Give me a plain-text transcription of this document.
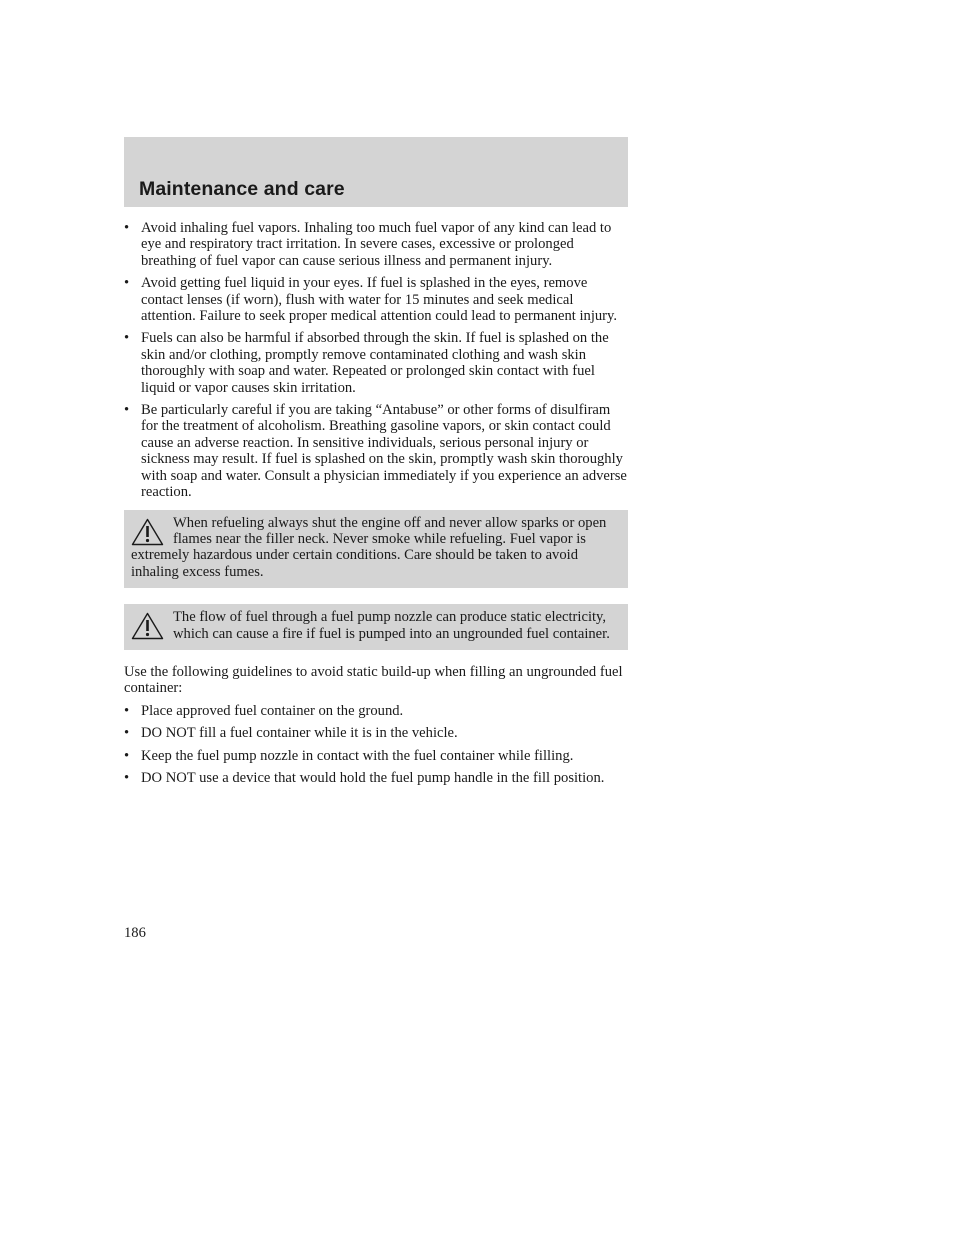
Maintenance and care
• Avoid inhaling fuel vapors. Inhaling too much fuel vapor of any kind can lead to eye and respiratory tract irritation. In severe cases, excessive or prolonged breathing of fuel vapor can cause serious illness and permanent injury.
• Avoid getting fuel liquid in your eyes. If fuel is splashed in the eyes, remove contact lenses (if worn), flush with water for 15 minutes and seek medical attention. Failure to seek proper medical attention could lead to permanent injury.
• Fuels can also be harmful if absorbed through the skin. If fuel is splashed on the skin and/or clothing, promptly remove contaminated clothing and wash skin thoroughly with soap and water. Repeated or prolonged skin contact with fuel liquid or vapor causes skin irritation.
• Be particularly careful if you are taking “Antabuse” or other forms of disulfiram for the treatment of alcoholism. Breathing gasoline vapors, or skin contact could cause an adverse reaction. In sensitive individuals, serious personal injury or sickness may result. If fuel is splashed on the skin, promptly wash skin thoroughly with soap and water. Consult a physician immediately if you experience an adverse reaction.
When refueling always shut the engine off and never allow sparks or open flames near the filler neck. Never smoke while refueling. Fuel vapor is extremely hazardous under certain conditions. Care should be taken to avoid inhaling excess fumes.
The flow of fuel through a fuel pump nozzle can produce static electricity, which can cause a fire if fuel is pumped into an ungrounded fuel container.

Use the following guidelines to avoid static build-up when filling an ungrounded fuel container:

• Place approved fuel container on the ground.
• DO NOT fill a fuel container while it is in the vehicle.
• Keep the fuel pump nozzle in contact with the fuel container while filling.
• DO NOT use a device that would hold the fuel pump handle in the fill position.
186
